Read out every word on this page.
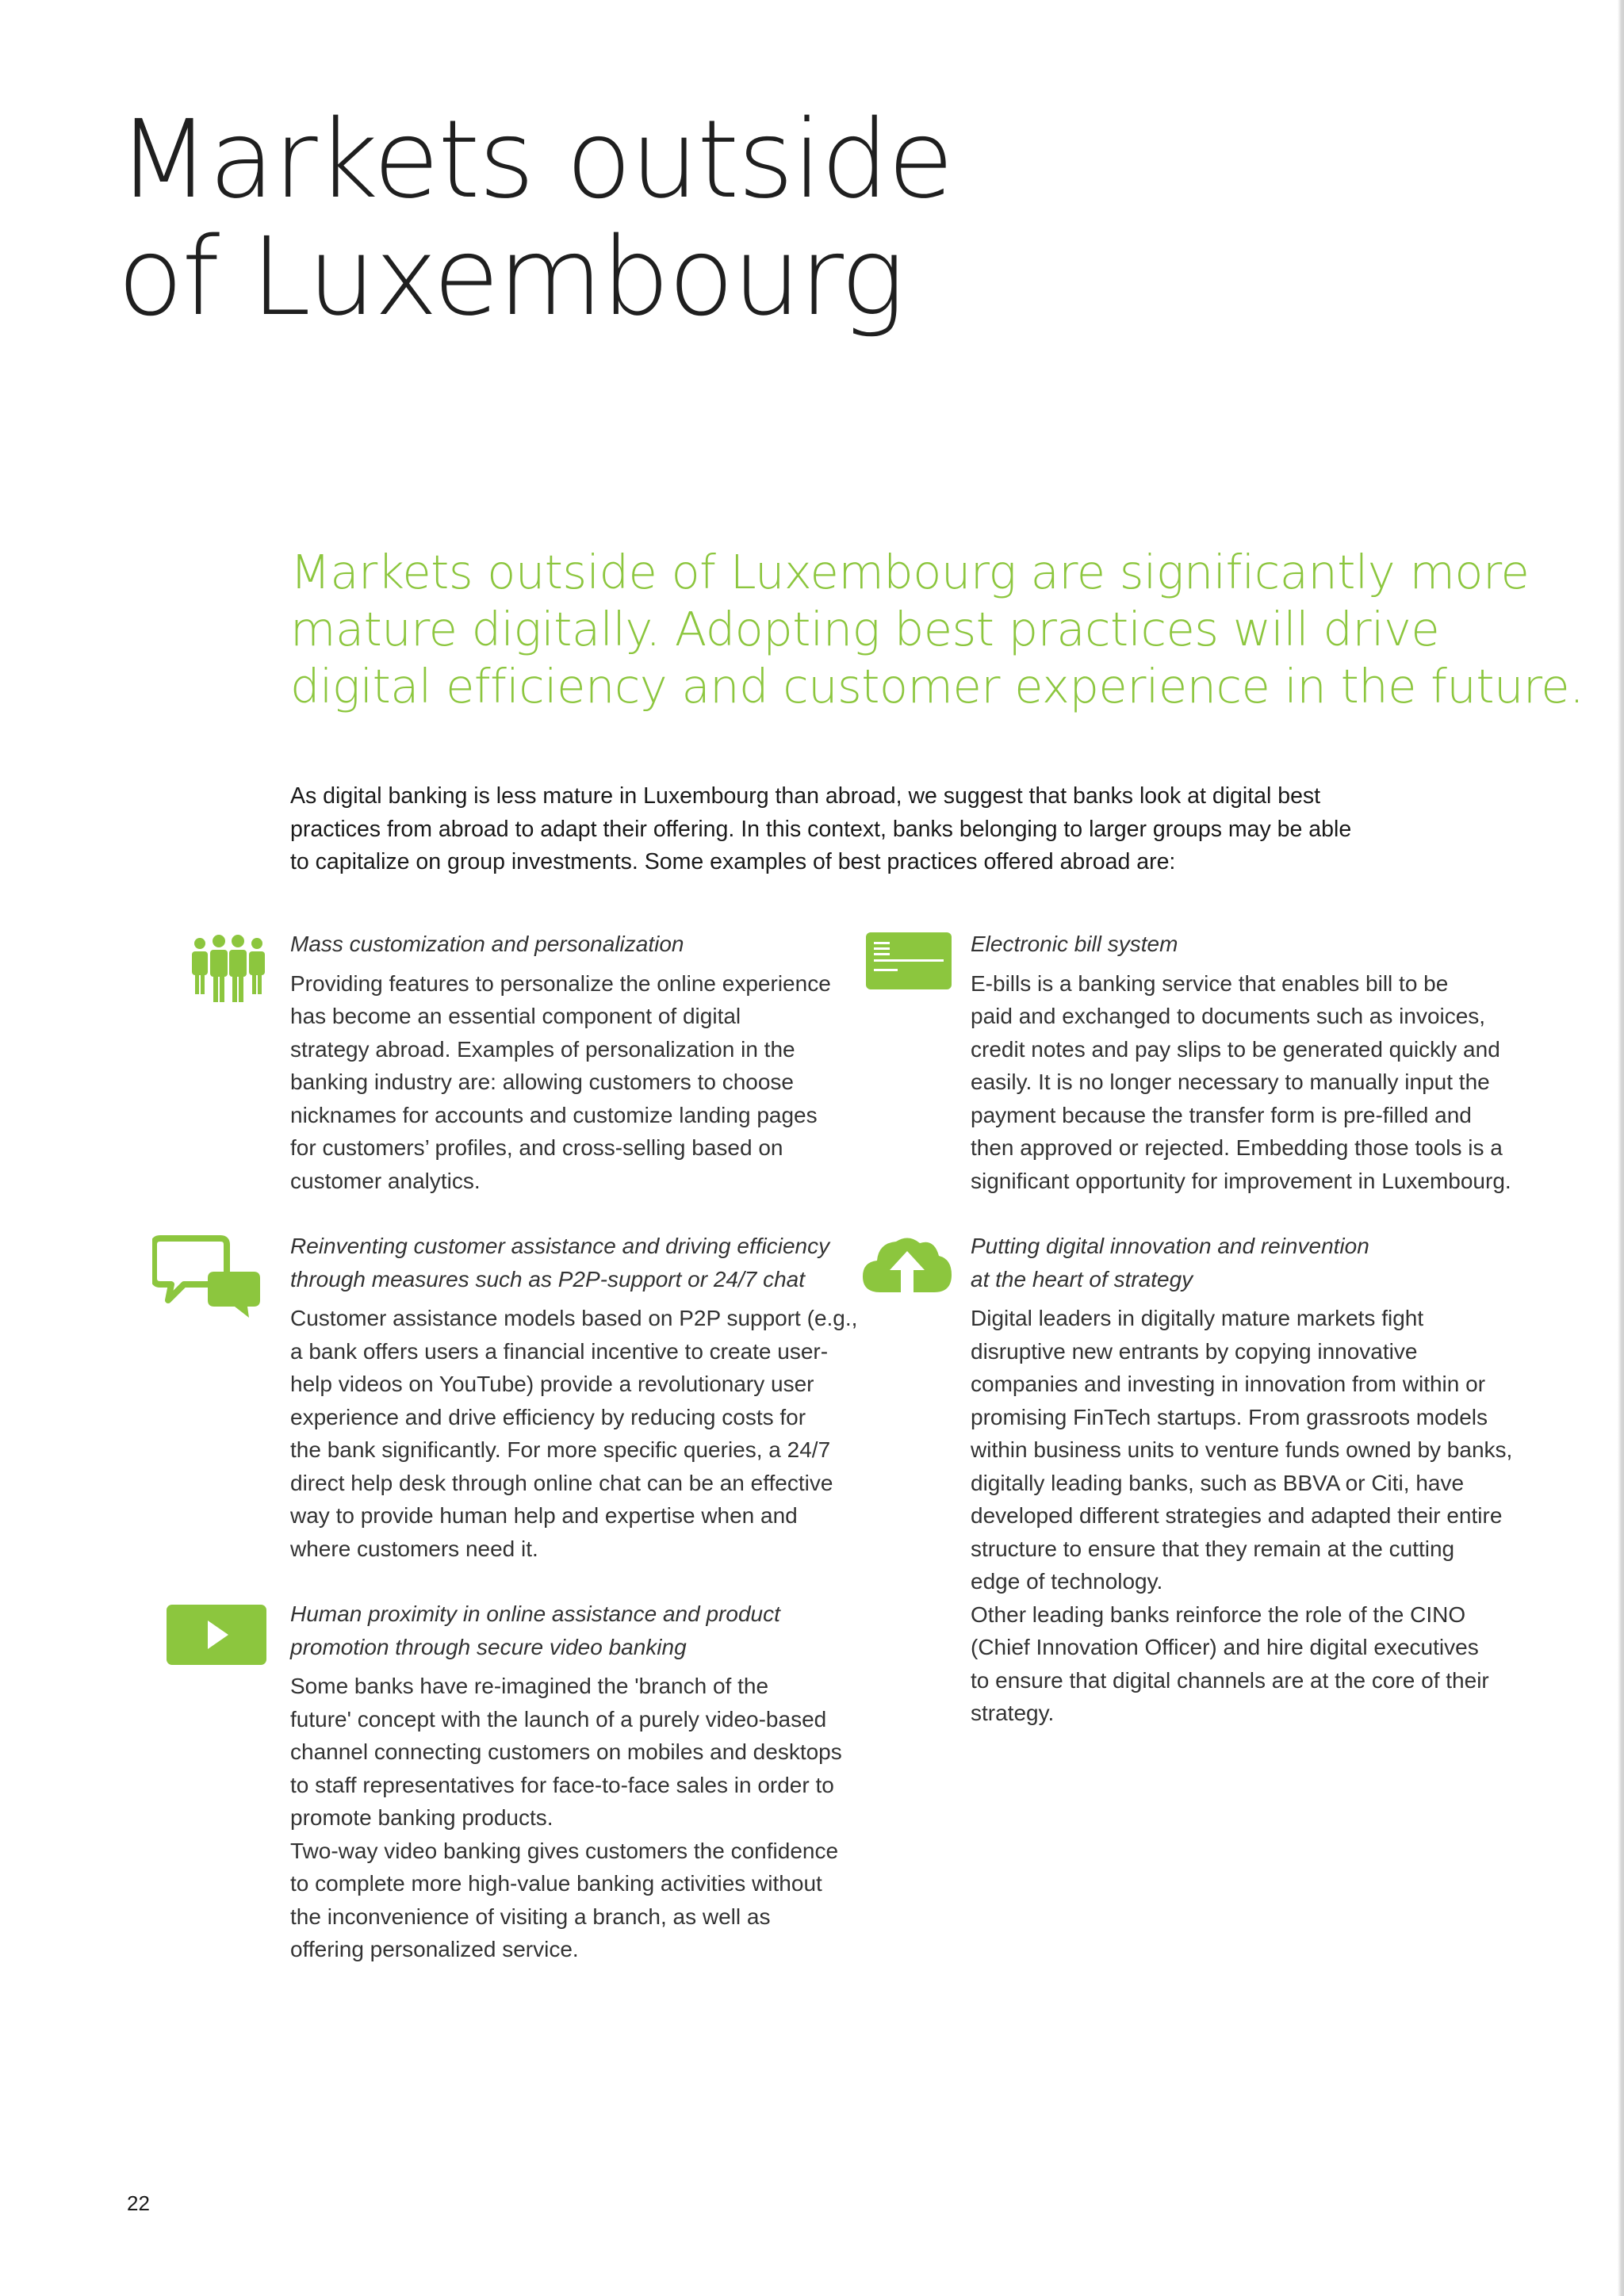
Markets outside
of Luxembourg

Markets outside of Luxembourg are significantly more
mature digitally. Adopting best practices will drive
digital efficiency and customer experience in the future.

As digital banking is less mature in Luxembourg than abroad, we suggest that banks look at digital best
practices from abroad to adapt their offering. In this context, banks belonging to larger groups may be able
to capitalize on group investments. Some examples of best practices offered abroad are:

Mass customization and personalization

Providing features to personalize the online experience
has become an essential component of digital
strategy abroad. Examples of personalization in the
banking industry are: allowing customers to choose
nicknames for accounts and customize landing pages
for customers’ profiles, and cross-selling based on
customer analytics.

Electronic bill system

E-bills is a banking service that enables bill to be
paid and exchanged to documents such as invoices,
credit notes and pay slips to be generated quickly and
easily. It is no longer necessary to manually input the
payment because the transfer form is pre-filled and
then approved or rejected. Embedding those tools is a
significant opportunity for improvement in Luxembourg.

Reinventing customer assistance and driving efficiency
through measures such as P2P-support or 24/7 chat

Customer assistance models based on P2P support (e.g.,
a bank offers users a financial incentive to create user-
help videos on YouTube) provide a revolutionary user
experience and drive efficiency by reducing costs for
the bank significantly. For more specific queries, a 24/7
direct help desk through online chat can be an effective
way to provide human help and expertise when and
where customers need it.

Putting digital innovation and reinvention
at the heart of strategy

Digital leaders in digitally mature markets fight
disruptive new entrants by copying innovative
companies and investing in innovation from within or
promising FinTech startups. From grassroots models
within business units to venture funds owned by banks,
digitally leading banks, such as BBVA or Citi, have
developed different strategies and adapted their entire
structure to ensure that they remain at the cutting
edge of technology.
Other leading banks reinforce the role of the CINO
(Chief Innovation Officer) and hire digital executives
to ensure that digital channels are at the core of their
strategy.

Human proximity in online assistance and product
promotion through secure video banking

Some banks have re-imagined the 'branch of the
future' concept with the launch of a purely video-based
channel connecting customers on mobiles and desktops
to staff representatives for face-to-face sales in order to
promote banking products.
Two-way video banking gives customers the confidence
to complete more high-value banking activities without
the inconvenience of visiting a branch, as well as
offering personalized service.

22
